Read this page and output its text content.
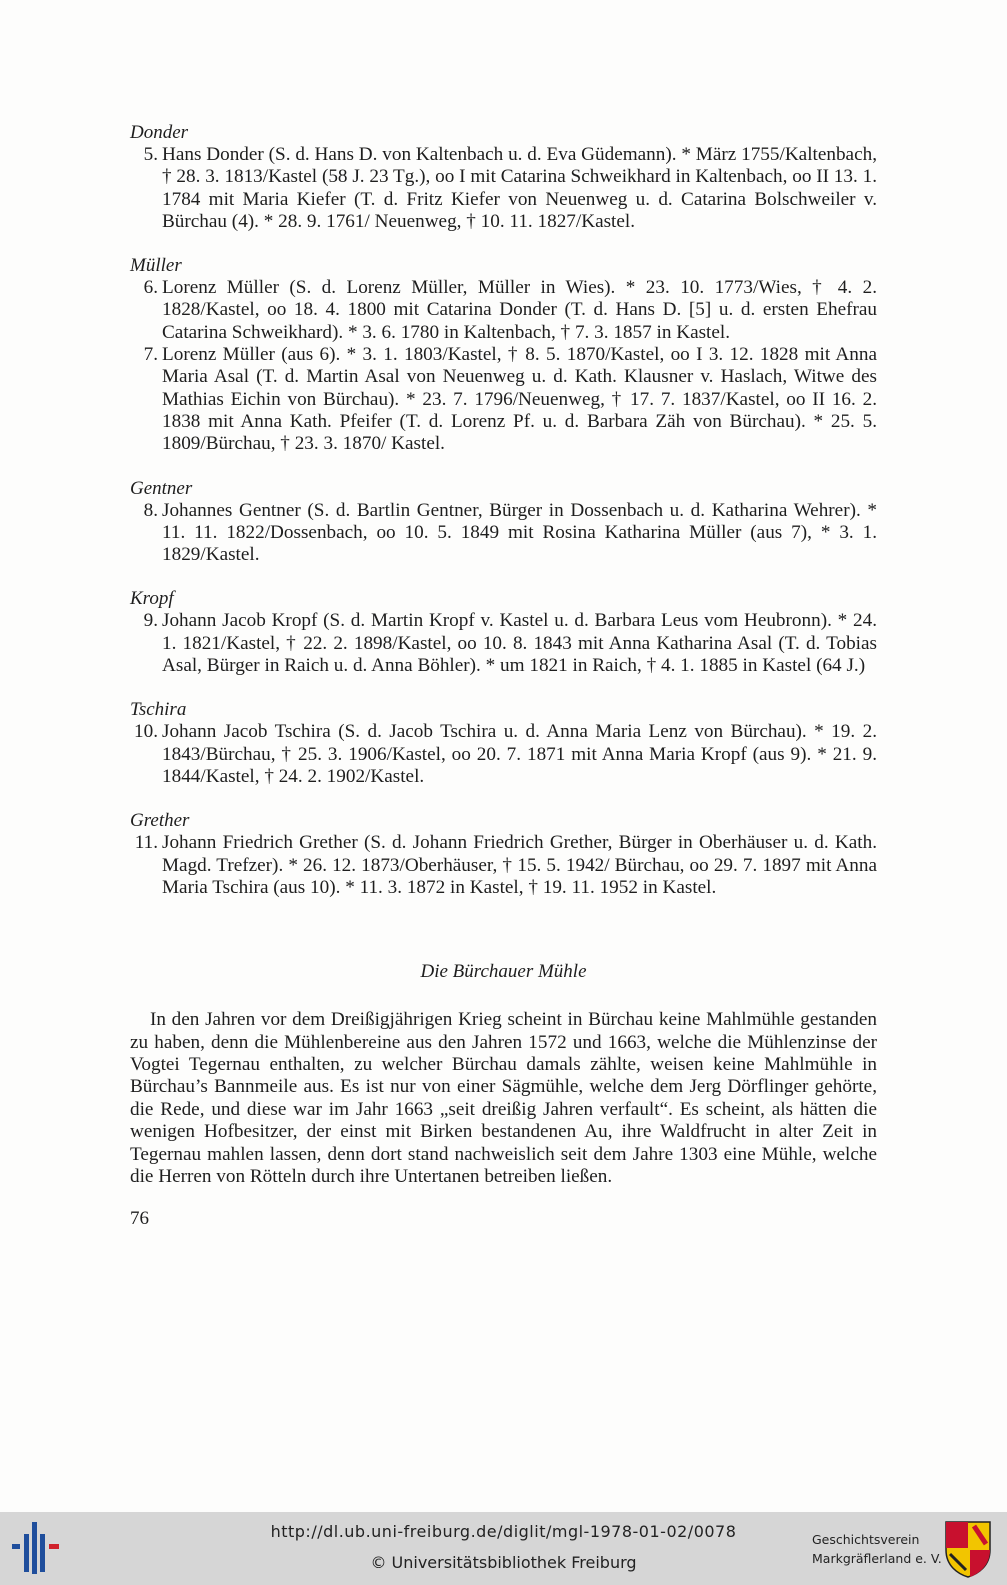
Donder

5. Hans Donder (S. d. Hans D. von Kaltenbach u. d. Eva Güdemann). * März 1755/Kaltenbach, † 28. 3. 1813/Kastel (58 J. 23 Tg.), oo I mit Catarina Schweikhard in Kaltenbach, oo II 13. 1. 1784 mit Maria Kiefer (T. d. Fritz Kiefer von Neuenweg u. d. Catarina Bolschweiler v. Bürchau (4). * 28. 9. 1761/ Neuenweg, † 10. 11. 1827/Kastel.

Müller

6. Lorenz Müller (S. d. Lorenz Müller, Müller in Wies). * 23. 10. 1773/Wies, † 4. 2. 1828/Kastel, oo 18. 4. 1800 mit Catarina Donder (T. d. Hans D. [5] u. d. ersten Ehefrau Catarina Schweikhard). * 3. 6. 1780 in Kaltenbach, † 7. 3. 1857 in Kastel.
7. Lorenz Müller (aus 6). * 3. 1. 1803/Kastel, † 8. 5. 1870/Kastel, oo I 3. 12. 1828 mit Anna Maria Asal (T. d. Martin Asal von Neuenweg u. d. Kath. Klausner v. Haslach, Witwe des Mathias Eichin von Bürchau). * 23. 7. 1796/Neuenweg, † 17. 7. 1837/Kastel, oo II 16. 2. 1838 mit Anna Kath. Pfeifer (T. d. Lorenz Pf. u. d. Barbara Zäh von Bürchau). * 25. 5. 1809/Bürchau, † 23. 3. 1870/ Kastel.

Gentner

8. Johannes Gentner (S. d. Bartlin Gentner, Bürger in Dossenbach u. d. Katharina Wehrer). * 11. 11. 1822/Dossenbach, oo 10. 5. 1849 mit Rosina Katharina Müller (aus 7), * 3. 1. 1829/Kastel.

Kropf

9. Johann Jacob Kropf (S. d. Martin Kropf v. Kastel u. d. Barbara Leus vom Heubronn). * 24. 1. 1821/Kastel, † 22. 2. 1898/Kastel, oo 10. 8. 1843 mit Anna Katharina Asal (T. d. Tobias Asal, Bürger in Raich u. d. Anna Böhler). * um 1821 in Raich, † 4. 1. 1885 in Kastel (64 J.)

Tschira

10. Johann Jacob Tschira (S. d. Jacob Tschira u. d. Anna Maria Lenz von Bürchau). * 19. 2. 1843/Bürchau, † 25. 3. 1906/Kastel, oo 20. 7. 1871 mit Anna Maria Kropf (aus 9). * 21. 9. 1844/Kastel, † 24. 2. 1902/Kastel.

Grether

11. Johann Friedrich Grether (S. d. Johann Friedrich Grether, Bürger in Oberhäuser u. d. Kath. Magd. Trefzer). * 26. 12. 1873/Oberhäuser, † 15. 5. 1942/ Bürchau, oo 29. 7. 1897 mit Anna Maria Tschira (aus 10). * 11. 3. 1872 in Kastel, † 19. 11. 1952 in Kastel.
Die Bürchauer Mühle

In den Jahren vor dem Dreißigjährigen Krieg scheint in Bürchau keine Mahlmühle gestanden zu haben, denn die Mühlenbereine aus den Jahren 1572 und 1663, welche die Mühlenzinse der Vogtei Tegernau enthalten, zu welcher Bürchau damals zählte, weisen keine Mahlmühle in Bürchau’s Bannmeile aus. Es ist nur von einer Sägmühle, welche dem Jerg Dörflinger gehörte, die Rede, und diese war im Jahr 1663 „seit dreißig Jahren verfault“. Es scheint, als hätten die wenigen Hofbesitzer, der einst mit Birken bestandenen Au, ihre Waldfrucht in alter Zeit in Tegernau mahlen lassen, denn dort stand nachweislich seit dem Jahre 1303 eine Mühle, welche die Herren von Rötteln durch ihre Untertanen betreiben ließen.

76
http://dl.ub.uni-freiburg.de/diglit/mgl-1978-01-02/0078
© Universitätsbibliothek Freiburg
Geschichtsverein
Markgräflerland e. V.
